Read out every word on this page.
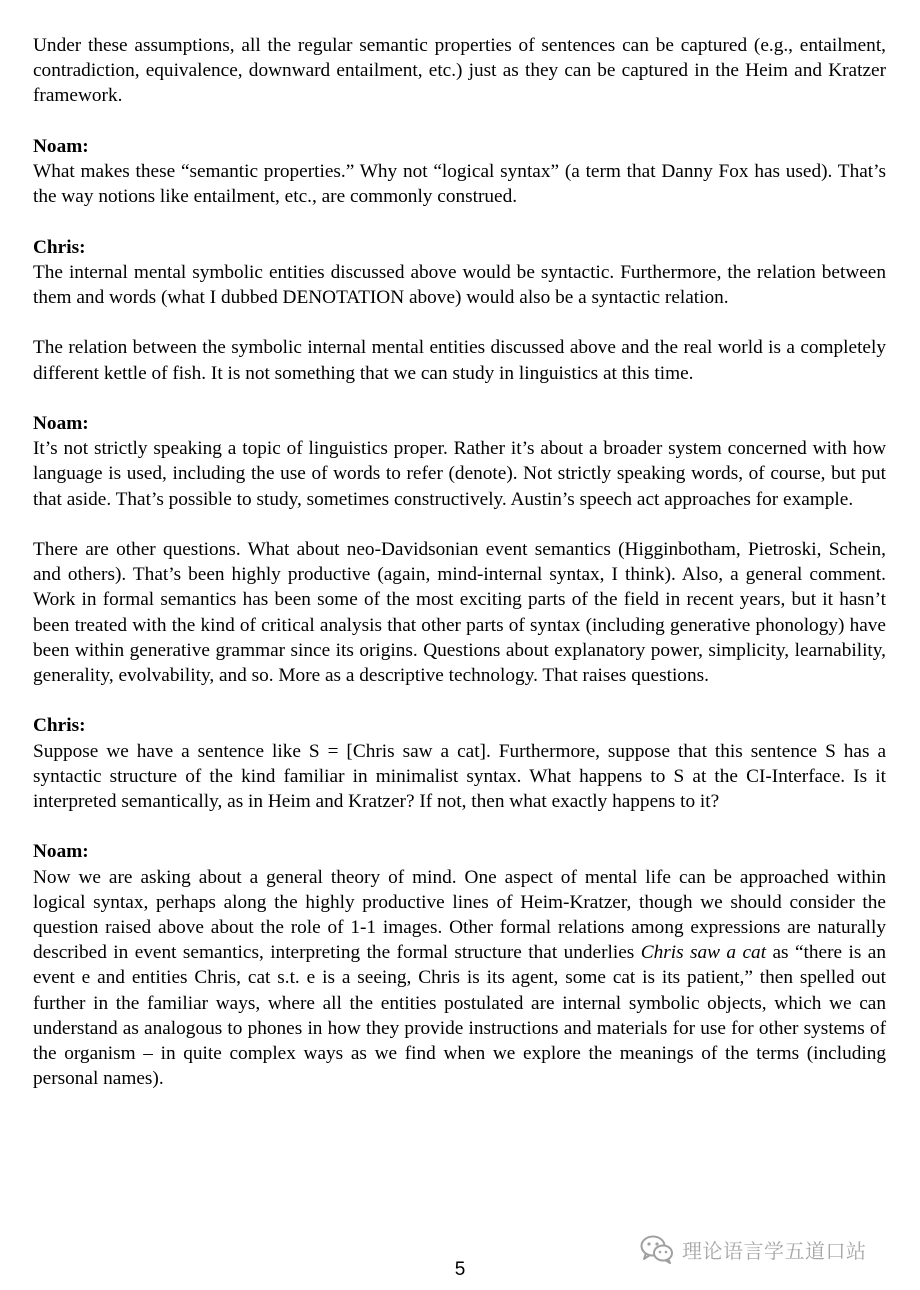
Under these assumptions, all the regular semantic properties of sentences can be captured (e.g., entailment, contradiction, equivalence, downward entailment, etc.) just as they can be captured in the Heim and Kratzer framework.

Noam:

What makes these “semantic properties.” Why not “logical syntax” (a term that Danny Fox has used). That’s the way notions like entailment, etc., are commonly construed.

Chris:

The internal mental symbolic entities discussed above would be syntactic. Furthermore, the relation between them and words (what I dubbed DENOTATION above) would also be a syntactic relation.

The relation between the symbolic internal mental entities discussed above and the real world is a completely different kettle of fish. It is not something that we can study in linguistics at this time.

Noam:

It’s not strictly speaking a topic of linguistics proper. Rather it’s about a broader system concerned with how language is used, including the use of words to refer (denote). Not strictly speaking words, of course, but put that aside. That’s possible to study, sometimes constructively. Austin’s speech act approaches for example.

There are other questions. What about neo-Davidsonian event semantics (Higginbotham, Pietroski, Schein, and others). That’s been highly productive (again, mind-internal syntax, I think). Also, a general comment. Work in formal semantics has been some of the most exciting parts of the field in recent years, but it hasn’t been treated with the kind of critical analysis that other parts of syntax (including generative phonology) have been within generative grammar since its origins. Questions about explanatory power, simplicity, learnability, generality, evolvability, and so. More as a descriptive technology. That raises questions.

Chris:

Suppose we have a sentence like S = [Chris saw a cat]. Furthermore, suppose that this sentence S has a syntactic structure of the kind familiar in minimalist syntax. What happens to S at the CI-Interface. Is it interpreted semantically, as in Heim and Kratzer? If not, then what exactly happens to it?

Noam:

Now we are asking about a general theory of mind. One aspect of mental life can be approached within logical syntax, perhaps along the highly productive lines of Heim-Kratzer, though we should consider the question raised above about the role of 1-1 images. Other formal relations among expressions are naturally described in event semantics, interpreting the formal structure that underlies Chris saw a cat as “there is an event e and entities Chris, cat s.t. e is a seeing, Chris is its agent, some cat is its patient,” then spelled out further in the familiar ways, where all the entities postulated are internal symbolic objects, which we can understand as analogous to phones in how they provide instructions and materials for use for other systems of the organism – in quite complex ways as we find when we explore the meanings of the terms (including personal names).

理论语言学五道口站
5
